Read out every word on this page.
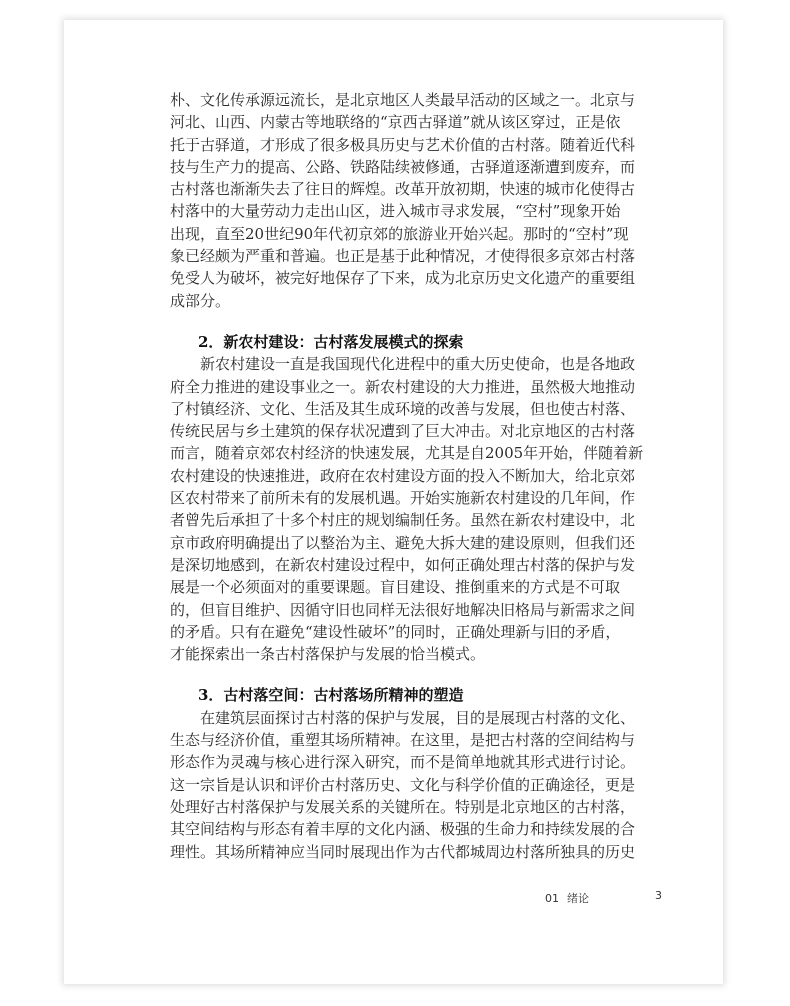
朴、文化传承源远流长，是北京地区人类最早活动的区域之一。北京与
河北、山西、内蒙古等地联络的“京西古驿道”就从该区穿过，正是依
托于古驿道，才形成了很多极具历史与艺术价值的古村落。随着近代科
技与生产力的提高、公路、铁路陆续被修通，古驿道逐渐遭到废弃，而
古村落也渐渐失去了往日的辉煌。改革开放初期，快速的城市化使得古
村落中的大量劳动力走出山区，进入城市寻求发展，“空村”现象开始
出现，直至20世纪90年代初京郊的旅游业开始兴起。那时的“空村”现
象已经颇为严重和普遍。也正是基于此种情况，才使得很多京郊古村落
免受人为破坏，被完好地保存了下来，成为北京历史文化遗产的重要组
成部分。
2．新农村建设：古村落发展模式的探索
新农村建设一直是我国现代化进程中的重大历史使命，也是各地政
府全力推进的建设事业之一。新农村建设的大力推进，虽然极大地推动
了村镇经济、文化、生活及其生成环境的改善与发展，但也使古村落、
传统民居与乡土建筑的保存状况遭到了巨大冲击。对北京地区的古村落
而言，随着京郊农村经济的快速发展，尤其是自2005年开始，伴随着新
农村建设的快速推进，政府在农村建设方面的投入不断加大，给北京郊
区农村带来了前所未有的发展机遇。开始实施新农村建设的几年间，作
者曾先后承担了十多个村庄的规划编制任务。虽然在新农村建设中，北
京市政府明确提出了以整治为主、避免大拆大建的建设原则，但我们还
是深切地感到，在新农村建设过程中，如何正确处理古村落的保护与发
展是一个必须面对的重要课题。盲目建设、推倒重来的方式是不可取
的，但盲目维护、因循守旧也同样无法很好地解决旧格局与新需求之间
的矛盾。只有在避免“建设性破坏”的同时，正确处理新与旧的矛盾，
才能探索出一条古村落保护与发展的恰当模式。
3．古村落空间：古村落场所精神的塑造
在建筑层面探讨古村落的保护与发展，目的是展现古村落的文化、
生态与经济价值，重塑其场所精神。在这里，是把古村落的空间结构与
形态作为灵魂与核心进行深入研究，而不是简单地就其形式进行讨论。
这一宗旨是认识和评价古村落历史、文化与科学价值的正确途径，更是
处理好古村落保护与发展关系的关键所在。特别是北京地区的古村落，
其空间结构与形态有着丰厚的文化内涵、极强的生命力和持续发展的合
理性。其场所精神应当同时展现出作为古代都城周边村落所独具的历史
01 绪论	3
